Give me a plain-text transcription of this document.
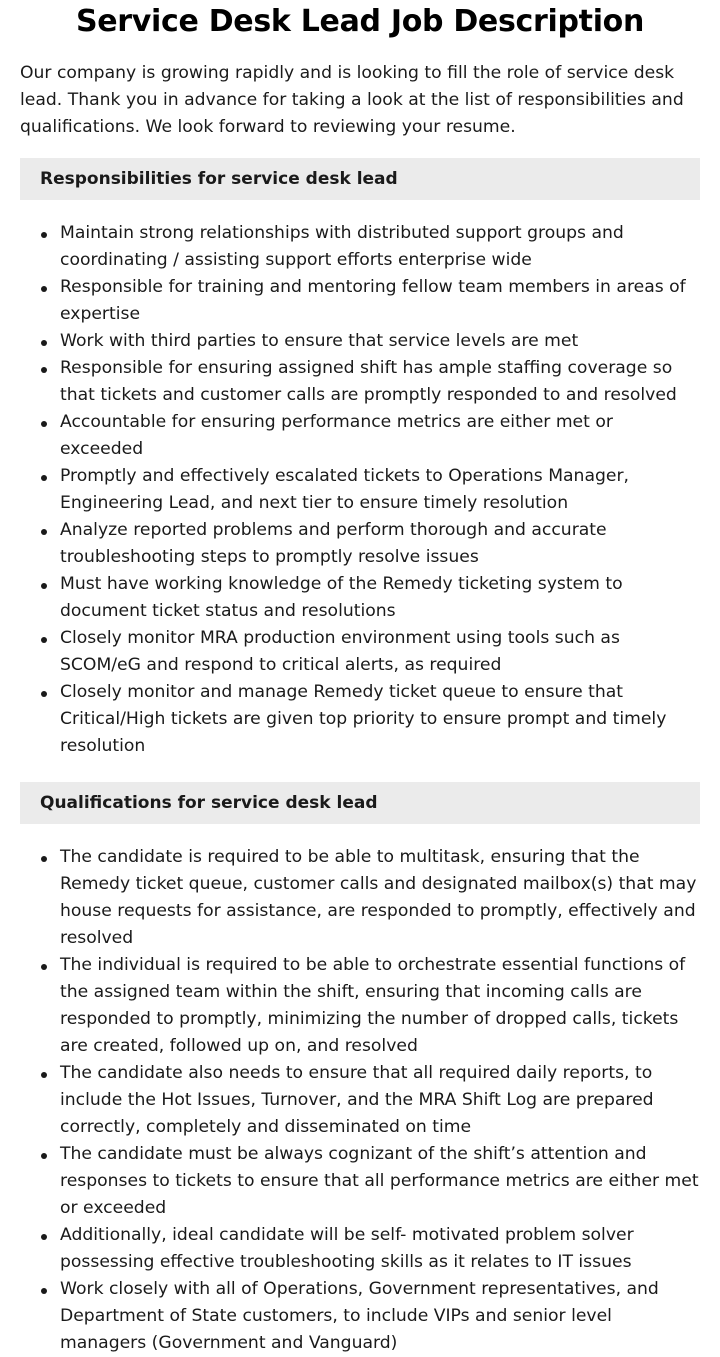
Service Desk Lead Job Description

Our company is growing rapidly and is looking to fill the role of service desk lead. Thank you in advance for taking a look at the list of responsibilities and qualifications. We look forward to reviewing your resume.

Responsibilities for service desk lead
Maintain strong relationships with distributed support groups and coordinating / assisting support efforts enterprise wide
Responsible for training and mentoring fellow team members in areas of expertise
Work with third parties to ensure that service levels are met
Responsible for ensuring assigned shift has ample staffing coverage so that tickets and customer calls are promptly responded to and resolved
Accountable for ensuring performance metrics are either met or exceeded
Promptly and effectively escalated tickets to Operations Manager, Engineering Lead, and next tier to ensure timely resolution
Analyze reported problems and perform thorough and accurate troubleshooting steps to promptly resolve issues
Must have working knowledge of the Remedy ticketing system to document ticket status and resolutions
Closely monitor MRA production environment using tools such as SCOM/eG and respond to critical alerts, as required
Closely monitor and manage Remedy ticket queue to ensure that Critical/High tickets are given top priority to ensure prompt and timely resolution
Qualifications for service desk lead
The candidate is required to be able to multitask, ensuring that the Remedy ticket queue, customer calls and designated mailbox(s) that may house requests for assistance, are responded to promptly, effectively and resolved
The individual is required to be able to orchestrate essential functions of the assigned team within the shift, ensuring that incoming calls are responded to promptly, minimizing the number of dropped calls, tickets are created, followed up on, and resolved
The candidate also needs to ensure that all required daily reports, to include the Hot Issues, Turnover, and the MRA Shift Log are prepared correctly, completely and disseminated on time
The candidate must be always cognizant of the shift’s attention and responses to tickets to ensure that all performance metrics are either met or exceeded
Additionally, ideal candidate will be self- motivated problem solver possessing effective troubleshooting skills as it relates to IT issues
Work closely with all of Operations, Government representatives, and Department of State customers, to include VIPs and senior level managers (Government and Vanguard)
